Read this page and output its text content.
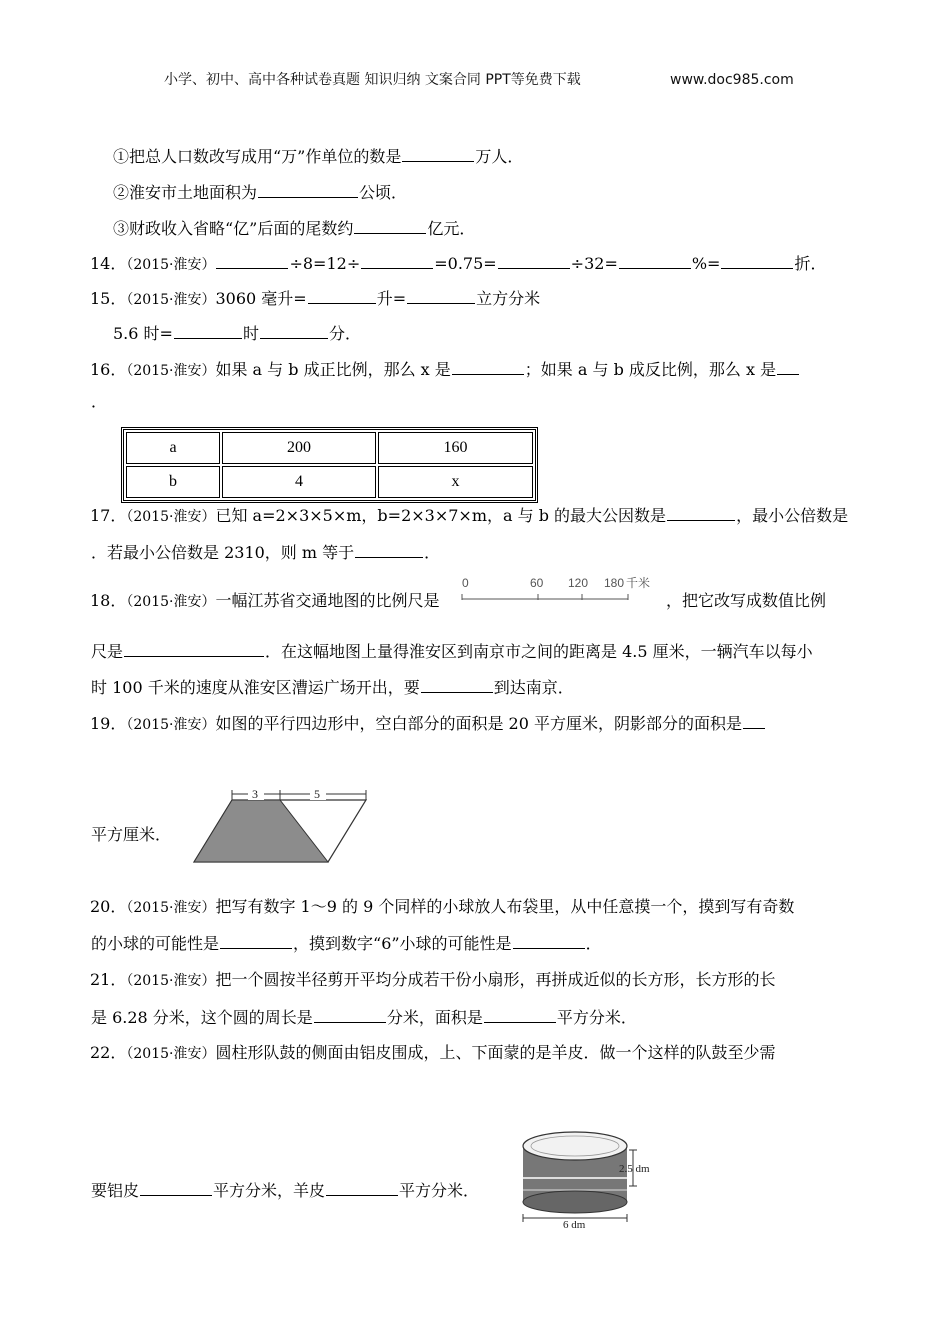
小学、初中、高中各种试卷真题 知识归纳 文案合同 PPT等免费下载	www.doc985.com
①把总人口数改写成用“万”作单位的数是	万人．
②淮安市土地面积为	公顷．
③财政收入省略“亿”后面的尾数约	亿元．
14．（2015·淮安）	÷8=12÷	=0.75=	÷32=	%=	折．
15．（2015·淮安）3060 毫升=	升=	立方分米
5.6 时=	时	分．
16．（2015·淮安）如果 a 与 b 成正比例，那么 x 是	；如果 a 与 b 成反比例，那么 x 是
．
a	200	160
b	4	x
17．（2015·淮安）已知 a=2×3×5×m，b=2×3×7×m，a 与 b 的最大公因数是	，最小公倍数是
．若最小公倍数是 2310，则 m 等于	．
18．（2015·淮安）一幅江苏省交通地图的比例尺是
0	60 120 180 千米
，把它改写成数值比例
尺是	．在这幅地图上量得淮安区到南京市之间的距离是 4.5 厘米，一辆汽车以每小
时 100 千米的速度从淮安区漕运广场开出，要	到达南京．
19．（2015·淮安）如图的平行四边形中，空白部分的面积是 20 平方厘米，阴影部分的面积是
平方厘米．
3	5
20．（2015·淮安）把写有数字 1～9 的 9 个同样的小球放人布袋里，从中任意摸一个，摸到写有奇数
的小球的可能性是	，摸到数字“6”小球的可能性是	．
21．（2015·淮安）把一个圆按半径剪开平均分成若干份小扇形，再拼成近似的长方形，长方形的长
是 6.28 分米，这个圆的周长是	分米，面积是	平方分米．
22．（2015·淮安）圆柱形队鼓的侧面由铝皮围成，上、下面蒙的是羊皮．做一个这样的队鼓至少需
要铝皮	平方分米，羊皮	平方分米．
2.5 dm
6 dm
